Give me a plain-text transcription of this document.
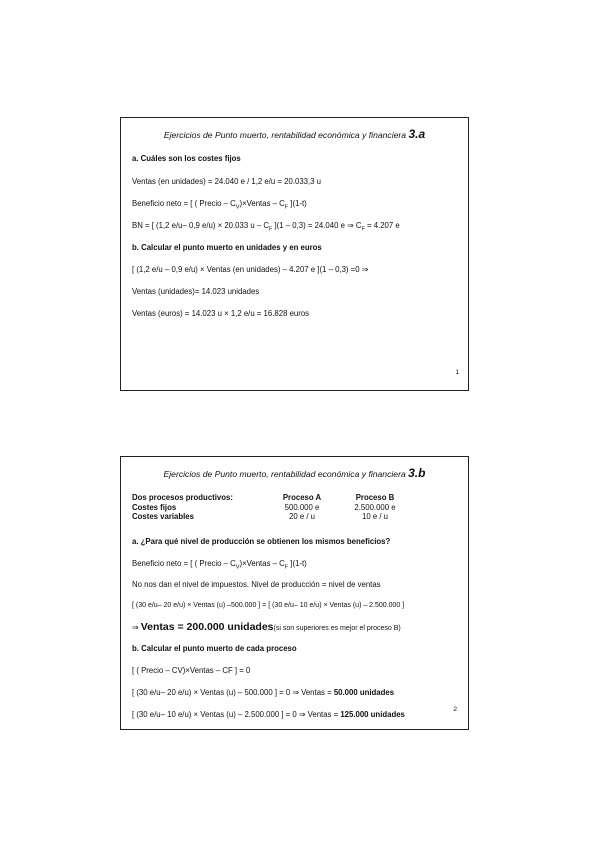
Ejercicios de Punto muerto, rentabilidad económica y financiera 3.a
a. Cuáles son los costes fijos
Ventas (en unidades) = 24.040 e / 1,2 e/u = 20.033,3 u
Beneficio neto = [ ( Precio – $C_V)\times Ventas - C_F$ ](1-t)
BN = [ (1,2 e/u– 0,9 e/u) × 20.033 u – $C_F$ ](1 – 0,3) = 24.040 e ⇒ $C_F = 4.207$ e
b. Calcular el punto muerto en unidades y en euros
[ (1,2 e/u – 0,9 e/u) × Ventas (en unidades) – 4.207 e ](1 – 0,3) =0 ⇒
Ventas (unidades)= 14.023 unidades
Ventas (euros) = 14.023 u × 1,2 e/u = 16.828 euros
1
Ejercicios de Punto muerto, rentabilidad económica y financiera 3.b
Dos procesos productivos:	Proceso A	Proceso B
Costes fijos	500.000 e	2.500.000 e
Costes variables	20 e / u	10 e / u
a. ¿Para qué nivel de producción se obtienen los mismos beneficios?
Beneficio neto = [ ( Precio – $C_V)\times Ventas - C_F$ ](1-t)
No nos dan el nivel de impuestos. Nivel de producción = nivel de ventas
[ (30 e/u– 20 e/u) × Ventas (u) –500.000 ] = [ (30 e/u– 10 e/u) × Ventas (u) – 2.500.000 ]
⇒ Ventas = 200.000 unidades(si son superiores es mejor el proceso B)
b. Calcular el punto muerto de cada proceso
[ ( Precio – CV)×Ventas – CF ] = 0
[ (30 e/u– 20 e/u) × Ventas (u) – 500.000 ] = 0 ⇒ Ventas = 50.000 unidades
[ (30 e/u– 10 e/u) × Ventas (u) – 2.500.000 ] = 0 ⇒ Ventas = 125.000 unidades
2
